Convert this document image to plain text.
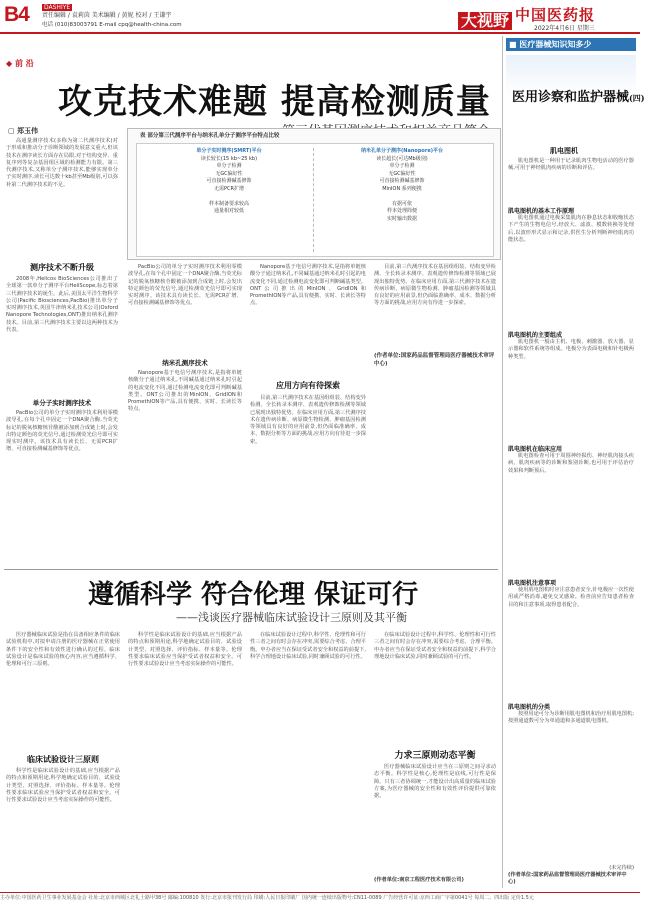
B4	DASHIYE
责任编辑 / 袁莉茵 美术编辑 / 黄妮 校对 / 王谦宇
电话 (010)83003791 E-mail cpq@health-china.com	大视野 中国医药报
2022年4月6日 星期三
◆ 前 沿
攻克技术难题 提高检测质量
▢ 郑玉伟
高通量测序技术(多称为第二代测序技术)对于形成和推动分子诊断领域的发展意义重大,但该技术在测序读长方面存在局限,对于结构变异、重复序列等复杂基因组区域的检测能力有限。第三代测序技术,又称单分子测序技术,能够实现单分子实时测序,读长可达数十kb甚至Mb级别,可以弥补第二代测序技术的不足。
测序技术不断升级
2008年,Helicos BioSciences公司推出了全球第一款单分子测序平台HeliScope,标志着第三代测序技术的诞生。此后,美国太平洋生物科学公司(Pacific Biosciences,PacBio)推出单分子实时测序技术,英国牛津纳米孔技术公司(Oxford Nanopore Technologies,ONT)推出纳米孔测序技术。目前,第三代测序技术主要以这两种技术为代表。
单分子实时测序技术
PacBio公司的单分子实时测序技术利用零模波导孔,在每个孔中固定一个DNA聚合酶,当荧光标记的脱氧核糖核苷酸被添加到合成链上时,会发出特定颜色的荧光信号,通过检测荧光信号即可实现实时测序。该技术具有读长长、无需PCR扩增、可直接检测碱基修饰等优点。
表 部分第三代测序平台与纳米孔单分子测序平台特点比较
单分子实时测序(SMRT)平台
读长较长(15 kb~25 kb)
单分子检测
无GC偏好性
可直接检测碱基修饰
无需PCR扩增

样本制备要求较高
通量相对较低
纳米孔单分子测序(Nanopore)平台
读长超长(可达Mb级别)
单分子检测
无GC偏好性
可直接检测碱基修饰
MinION 系列便携

有据可依
样本处理简便
实时输出数据
PacBio公司的单分子实时测序技术利用零模波导孔,在每个孔中固定一个DNA聚合酶,当荧光标记的脱氧核糖核苷酸被添加到合成链上时,会发出特定颜色的荧光信号,通过检测荧光信号即可实现实时测序。该技术具有读长长、无需PCR扩增、可直接检测碱基修饰等优点。
纳米孔测序技术
Nanopore基于电信号测序技术,是指将单链核酸分子通过纳米孔,不同碱基通过纳米孔时引起的电流变化不同,通过检测电流变化即可判断碱基类型。ONT公司推出的MinION、GridION和PromethION等产品,具有便携、实时、长读长等特点。
Nanopore基于电信号测序技术,是指将单链核酸分子通过纳米孔,不同碱基通过纳米孔时引起的电流变化不同,通过检测电流变化即可判断碱基类型。ONT公司推出的MinION、GridION和PromethION等产品,具有便携、实时、长读长等特点。
应用方向有待探索
目前,第三代测序技术在基因组组装、结构变异检测、全长转录本测序、表观遗传修饰检测等领域已展现出独特优势。在临床应用方面,第三代测序技术在遗传病诊断、病原微生物检测、肿瘤基因检测等领域具有良好的应用前景,但仍面临准确率、成本、数据分析等方面的挑战,应用方向有待进一步探索。
目前,第三代测序技术在基因组组装、结构变异检测、全长转录本测序、表观遗传修饰检测等领域已展现出独特优势。在临床应用方面,第三代测序技术在遗传病诊断、病原微生物检测、肿瘤基因检测等领域具有良好的应用前景,但仍面临准确率、成本、数据分析等方面的挑战,应用方向有待进一步探索。
(作者单位:国家药品监督管理局医疗器械技术审评中心)
遵循科学 符合伦理 保证可行
——浅谈医疗器械临床试验设计三原则及其平衡
医疗器械临床试验是指在具备相应条件的临床试验机构中,对拟申请注册的医疗器械在正常使用条件下的安全性和有效性进行确认的过程。临床试验设计是临床试验的核心内容,应当遵循科学、伦理和可行三原则。
临床试验设计三原则
科学性是临床试验设计的基础,应当根据产品的特点和预期用途,科学地确定试验目的、试验设计类型、对照选择、评价指标、样本量等。伦理性要求临床试验应当保护受试者权益和安全。可行性要求试验设计应当考虑实际操作的可能性。
科学性是临床试验设计的基础,应当根据产品的特点和预期用途,科学地确定试验目的、试验设计类型、对照选择、评价指标、样本量等。伦理性要求临床试验应当保护受试者权益和安全。可行性要求试验设计应当考虑实际操作的可能性。
在临床试验设计过程中,科学性、伦理性和可行性三者之间有时会存在冲突,需要综合考虑、合理平衡。申办者应当在保证受试者安全和权益的前提下,科学合理地设计临床试验,同时兼顾试验的可行性。
在临床试验设计过程中,科学性、伦理性和可行性三者之间有时会存在冲突,需要综合考虑、合理平衡。申办者应当在保证受试者安全和权益的前提下,科学合理地设计临床试验,同时兼顾试验的可行性。
力求三原则动态平衡
医疗器械临床试验设计应当在三原则之间寻求动态平衡。科学性是核心,伦理性是底线,可行性是保障。只有三者协调统一,才能设计出高质量的临床试验方案,为医疗器械的安全性和有效性评价提供可靠依据。
(作者单位:南京工程医疗技术有限公司)
■ 医疗器械知识知多少
医用诊察和监护器械(四)
肌电图机
肌电图机是一种用于记录肌肉生物电活动的医疗器械,可用于神经肌肉疾病的诊断和评估。
肌电图机的基本工作原理
肌电图机通过电极采集肌肉在静息状态和收缩状态下产生的生物电信号,经放大、滤波、模数转换等处理后,以波形形式显示和记录,供医生分析判断神经肌肉功能状态。
肌电图机的主要组成
肌电图机一般由主机、电极、刺激器、放大器、显示器和软件系统等组成。电极分为表面电极和针电极两种类型。
肌电图机在临床应用
肌电图检查可用于周围神经损伤、神经肌肉接头疾病、肌肉疾病等的诊断和鉴别诊断,也可用于评估治疗效果和判断预后。
肌电图机注意事项
使用肌电图机时应注意患者安全,针电极应一次性使用或严格消毒,避免交叉感染。检查前应告知患者检查目的和注意事项,取得患者配合。
肌电图机的分类
按照用途可分为诊断用肌电图机和治疗用肌电图机;按照通道数可分为单通道和多通道肌电图机。
(未完待续)
(作者单位:国家药品监督管理局医疗器械技术审评中心)
主办单位:中国医药卫生事业发展基金会 社址:北京市西城区北礼士路甲38号 邮编:100810 发行:北京市报刊发行局 印刷:人民日报印刷厂 国内统一连续出版物号:CN11-0089 广告经营许可证:京西工商广字第0041号 每周二、四出版 定价1.5元
